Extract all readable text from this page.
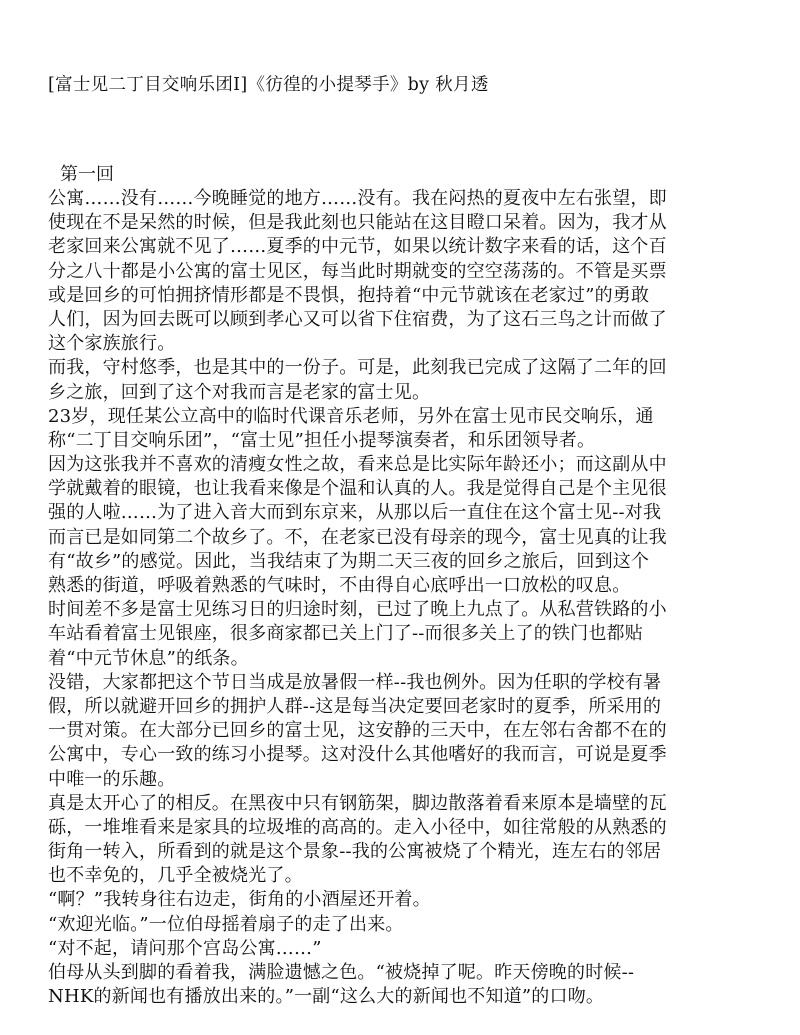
[富士见二丁目交响乐团Ⅰ]《彷徨的小提琴手》by 秋月透
第一回
公寓……没有……今晚睡觉的地方……没有。我在闷热的夏夜中左右张望，即
使现在不是呆然的时候，但是我此刻也只能站在这目瞪口呆着。因为，我才从
老家回来公寓就不见了……夏季的中元节，如果以统计数字来看的话，这个百
分之八十都是小公寓的富士见区，每当此时期就变的空空荡荡的。不管是买票
或是回乡的可怕拥挤情形都是不畏惧，抱持着“中元节就该在老家过”的勇敢
人们，因为回去既可以顾到孝心又可以省下住宿费，为了这石三鸟之计而做了
这个家族旅行。
而我，守村悠季，也是其中的一份子。可是，此刻我已完成了这隔了二年的回
乡之旅，回到了这个对我而言是老家的富士见。
23岁，现任某公立高中的临时代课音乐老师，另外在富士见市民交响乐，通
称“二丁目交响乐团”，“富士见”担任小提琴演奏者，和乐团领导者。
因为这张我并不喜欢的清瘦女性之故，看来总是比实际年龄还小；而这副从中
学就戴着的眼镜，也让我看来像是个温和认真的人。我是觉得自己是个主见很
强的人啦……为了进入音大而到东京来，从那以后一直住在这个富士见--对我
而言已是如同第二个故乡了。不，在老家已没有母亲的现今，富士见真的让我
有“故乡”的感觉。因此，当我结束了为期二天三夜的回乡之旅后，回到这个
熟悉的街道，呼吸着熟悉的气味时，不由得自心底呼出一口放松的叹息。
时间差不多是富士见练习日的归途时刻，已过了晚上九点了。从私营铁路的小
车站看着富士见银座，很多商家都已关上门了--而很多关上了的铁门也都贴
着“中元节休息”的纸条。
没错，大家都把这个节日当成是放暑假一样--我也例外。因为任职的学校有暑
假，所以就避开回乡的拥护人群--这是每当决定要回老家时的夏季，所采用的
一贯对策。在大部分已回乡的富士见，这安静的三天中，在左邻右舍都不在的
公寓中，专心一致的练习小提琴。这对没什么其他嗜好的我而言，可说是夏季
中唯一的乐趣。
真是太开心了的相反。在黑夜中只有钢筋架，脚边散落着看来原本是墙壁的瓦
砾，一堆堆看来是家具的垃圾堆的高高的。走入小径中，如往常般的从熟悉的
街角一转入，所看到的就是这个景象--我的公寓被烧了个精光，连左右的邻居
也不幸免的，几乎全被烧光了。
“啊？”我转身往右边走，街角的小酒屋还开着。
“欢迎光临。”一位伯母摇着扇子的走了出来。
“对不起，请问那个宫岛公寓……”
伯母从头到脚的看着我，满脸遗憾之色。“被烧掉了呢。昨天傍晚的时候--
NHK的新闻也有播放出来的。”一副“这么大的新闻也不知道”的口吻。
